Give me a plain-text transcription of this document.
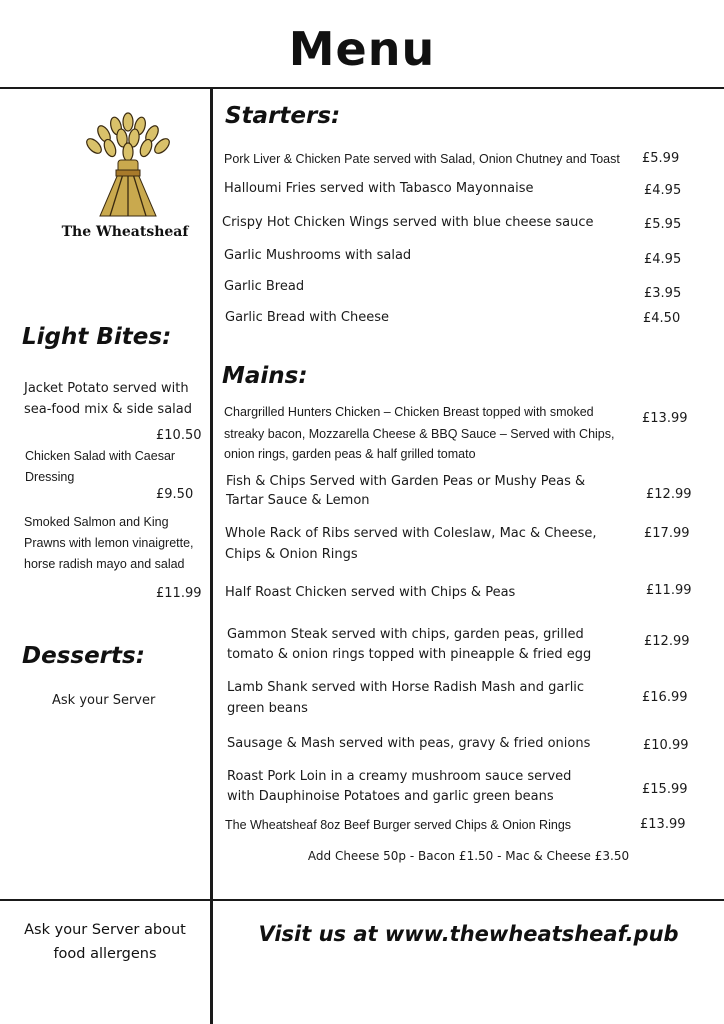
Menu
The Wheatsheaf
Light Bites:
Jacket Potato served with
sea-food mix & side salad
£10.50
Chicken Salad with Caesar
Dressing
£9.50
Smoked Salmon and King
Prawns with lemon vinaigrette,
horse radish mayo and salad
£11.99
Desserts:
Ask your Server
Starters:
Pork Liver & Chicken Pate served with Salad, Onion Chutney and Toast £5.99
Halloumi Fries served with Tabasco Mayonnaise	£4.95
Crispy Hot Chicken Wings served with blue cheese sauce	£5.95
Garlic Mushrooms with salad	£4.95
Garlic Bread	£3.95
Garlic Bread with Cheese	£4.50
Mains:
Chargrilled Hunters Chicken – Chicken Breast topped with smoked
streaky bacon, Mozzarella Cheese & BBQ Sauce – Served with Chips,
onion rings, garden peas & half grilled tomato
£13.99
Fish & Chips Served with Garden Peas or Mushy Peas &
Tartar Sauce & Lemon	£12.99
Whole Rack of Ribs served with Coleslaw, Mac & Cheese,
Chips & Onion Rings
£17.99
Half Roast Chicken served with Chips & Peas	£11.99
Gammon Steak served with chips, garden peas, grilled
tomato & onion rings topped with pineapple & fried egg
£12.99
Lamb Shank served with Horse Radish Mash and garlic
green beans
£16.99
Sausage & Mash served with peas, gravy & fried onions	£10.99
Roast Pork Loin in a creamy mushroom sauce served
with Dauphinoise Potatoes and garlic green beans	£15.99
The Wheatsheaf 8oz Beef Burger served Chips & Onion Rings	£13.99
Add Cheese 50p - Bacon £1.50 - Mac & Cheese £3.50
Ask your Server about
food allergens
Visit us at www.thewheatsheaf.pub
